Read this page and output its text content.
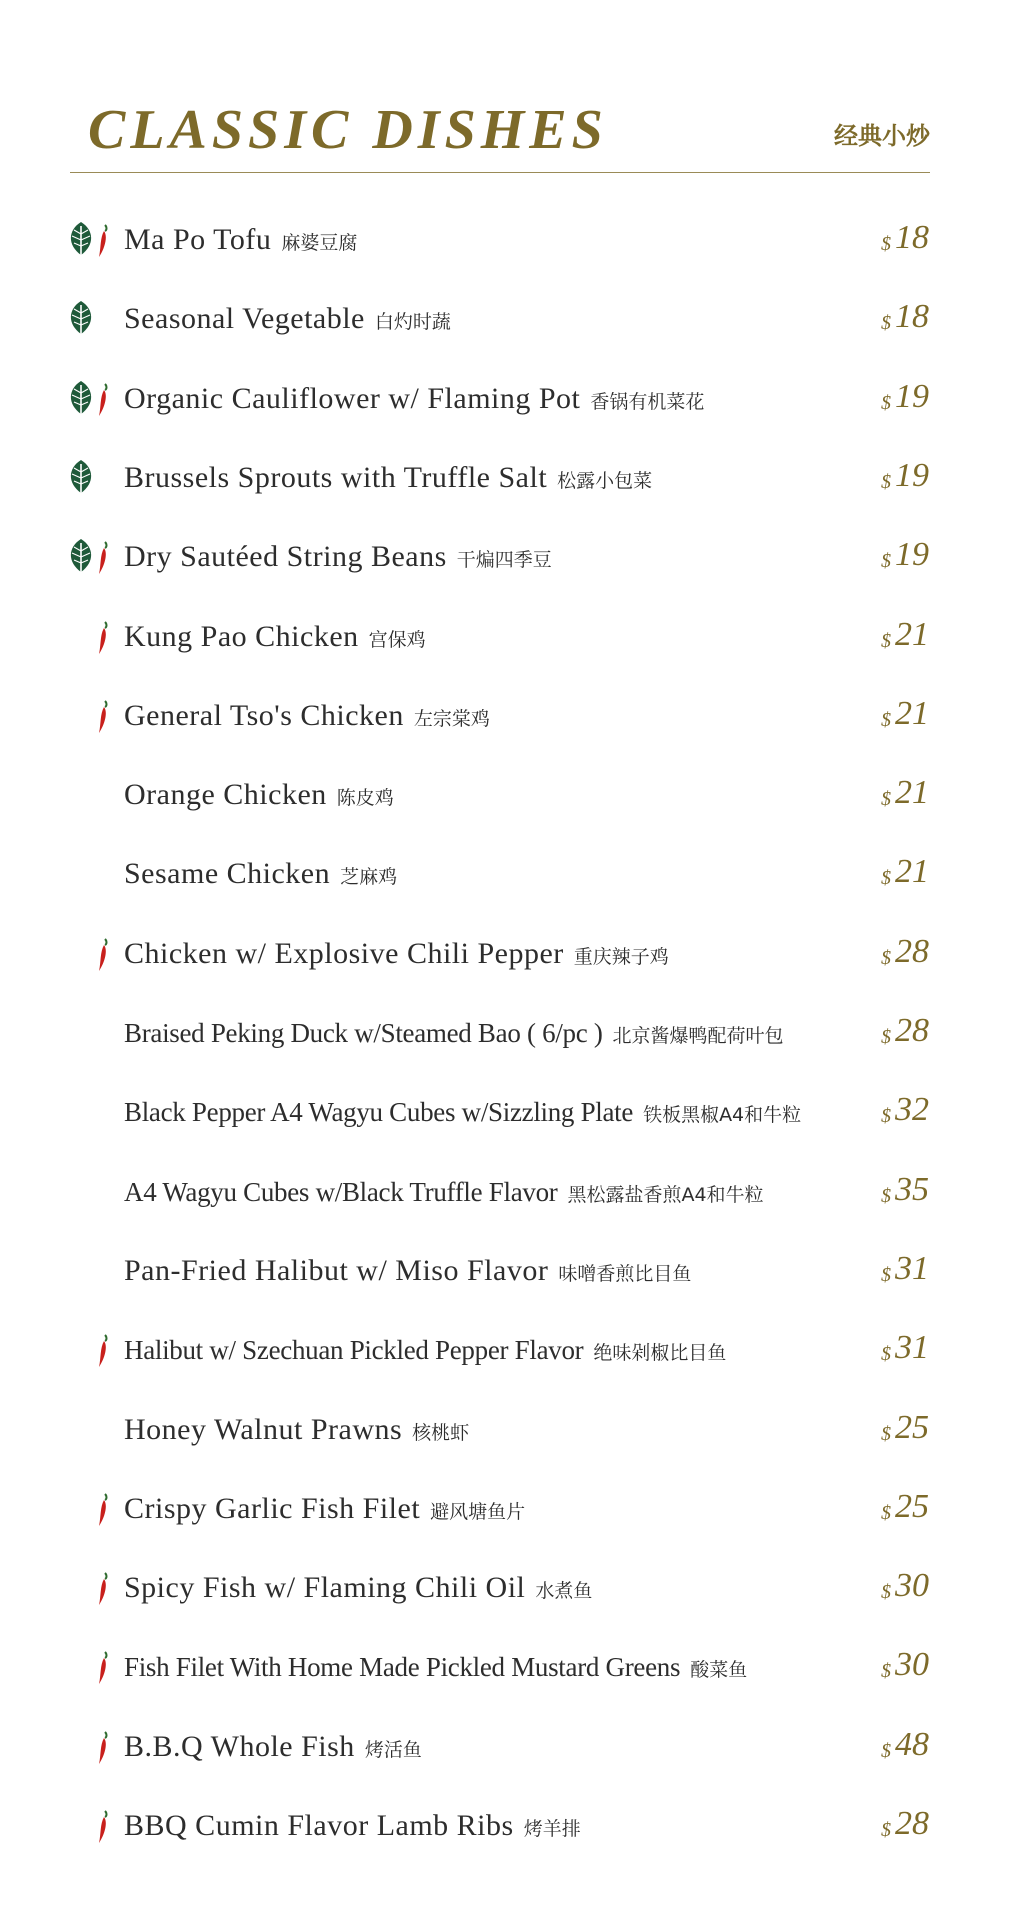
CLASSIC DISHES	经典小炒
Ma Po Tofu 麻婆豆腐	$ 18
Seasonal Vegetable 白灼时蔬	$ 18
Organic Cauliflower w/ Flaming Pot 香锅有机菜花	$ 19
Brussels Sprouts with Truffle Salt 松露小包菜	$ 19
Dry Sautéed String Beans 干煸四季豆	$ 19
Kung Pao Chicken 宫保鸡	$ 21
General Tso's Chicken 左宗棠鸡	$ 21
Orange Chicken 陈皮鸡	$ 21
Sesame Chicken 芝麻鸡	$ 21
Chicken w/ Explosive Chili Pepper 重庆辣子鸡	$ 28
Braised Peking Duck w/Steamed Bao ( 6/pc ) 北京酱爆鸭配荷叶包	$ 28
Black Pepper A4 Wagyu Cubes w/Sizzling Plate 铁板黑椒A4和牛粒	$ 32
A4 Wagyu Cubes w/Black Truffle Flavor 黑松露盐香煎A4和牛粒	$ 35
Pan-Fried Halibut w/ Miso Flavor 味噌香煎比目鱼	$ 31
Halibut w/ Szechuan Pickled Pepper Flavor 绝味剁椒比目鱼	$ 31
Honey Walnut Prawns 核桃虾	$ 25
Crispy Garlic Fish Filet 避风塘鱼片	$ 25
Spicy Fish w/ Flaming Chili Oil 水煮鱼	$ 30
Fish Filet With Home Made Pickled Mustard Greens 酸菜鱼	$ 30
B.B.Q Whole Fish 烤活鱼	$ 48
BBQ Cumin Flavor Lamb Ribs 烤羊排	$ 28
